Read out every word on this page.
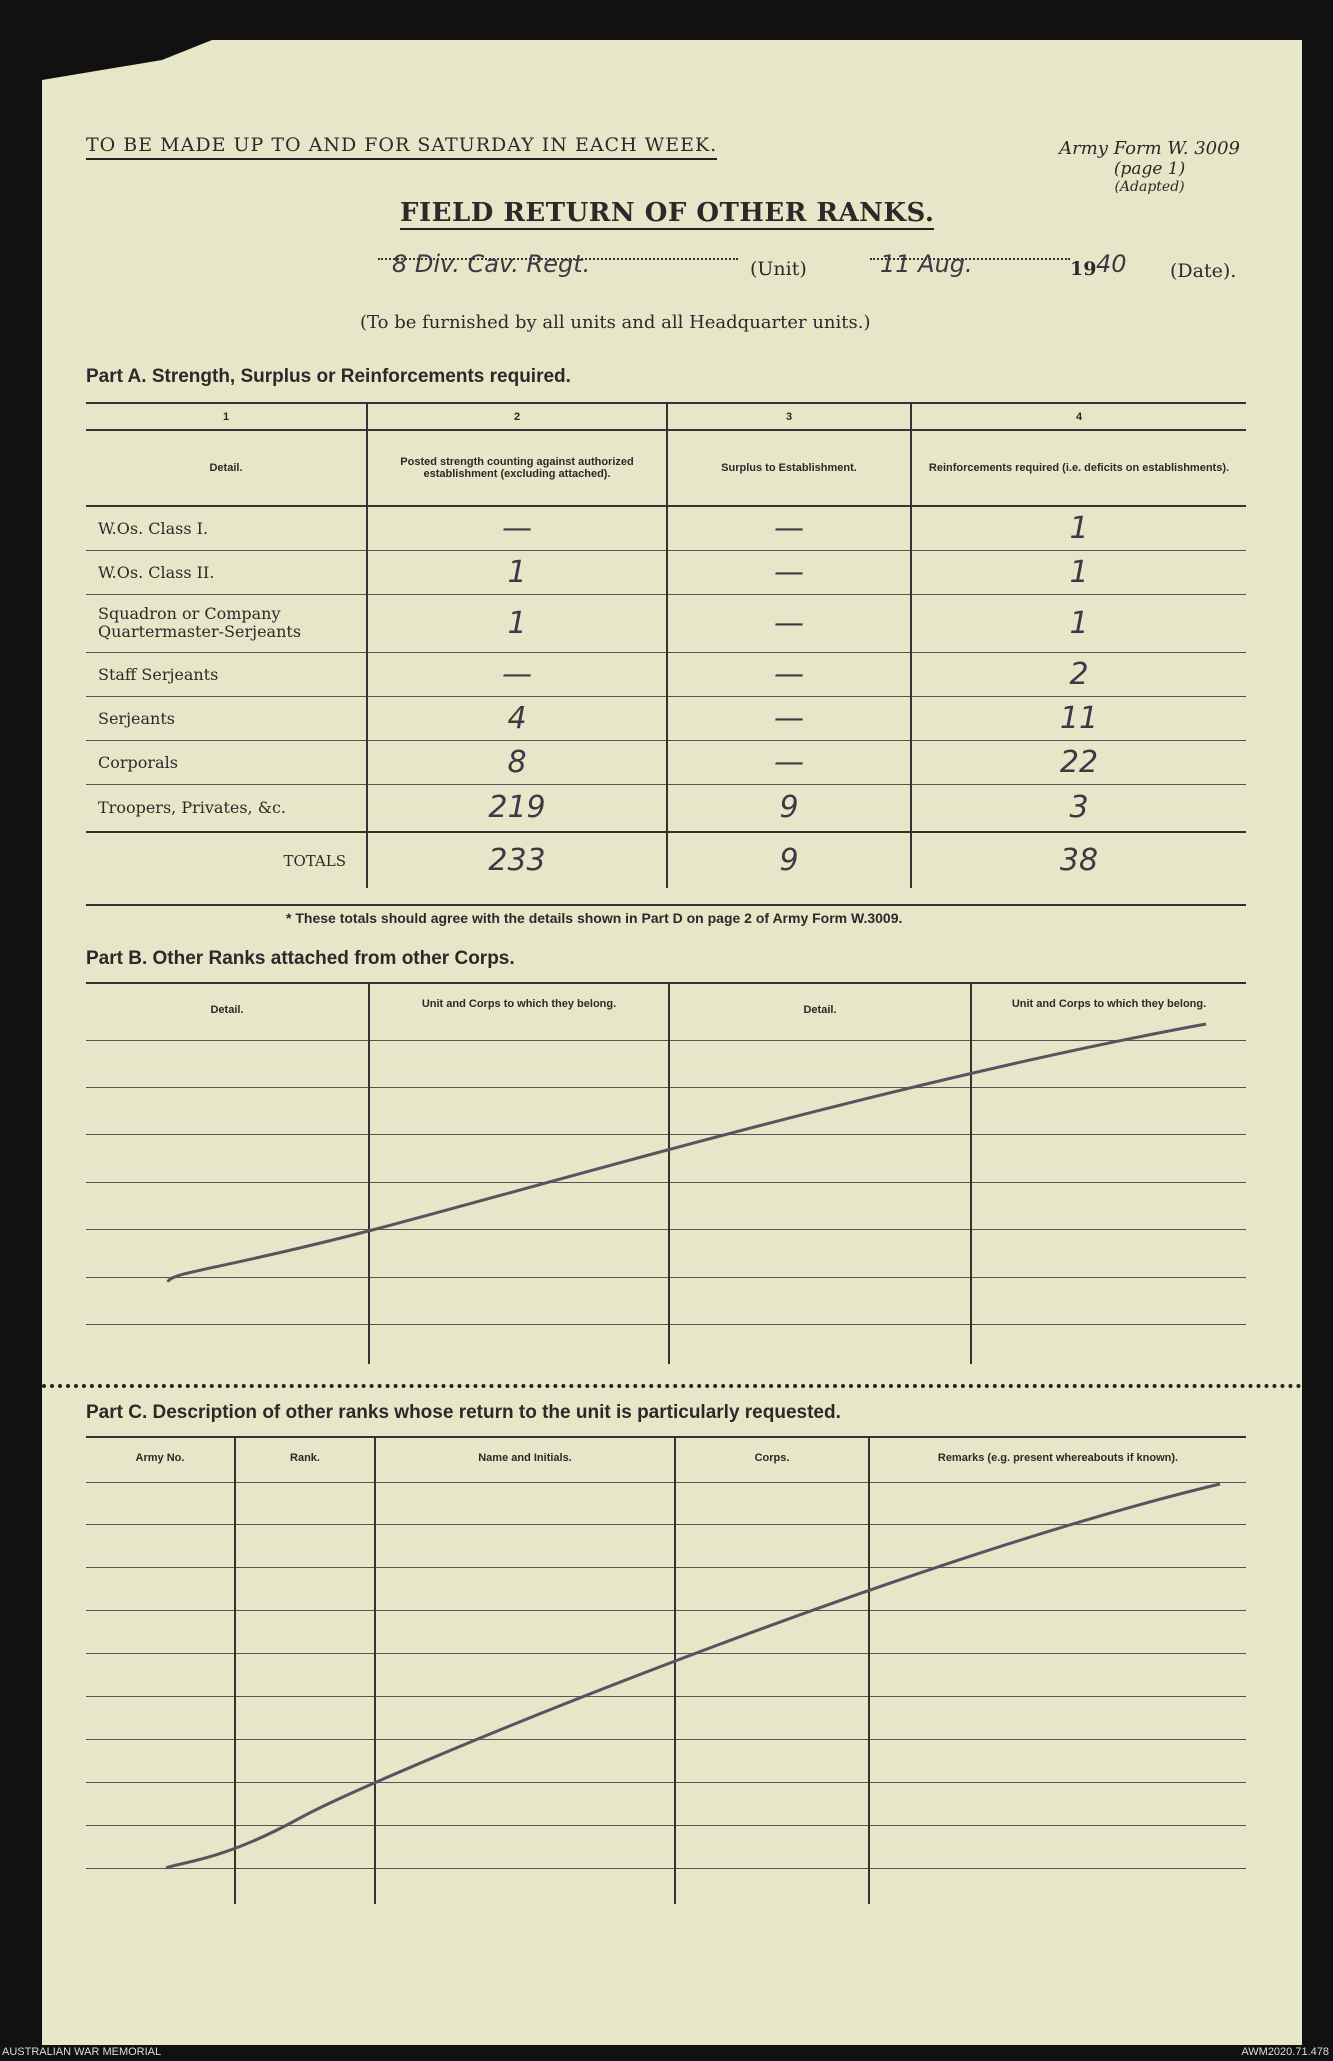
TO BE MADE UP TO AND FOR SATURDAY IN EACH WEEK.	Army Form W. 3009
(page 1)
(Adapted)
FIELD RETURN OF OTHER RANKS.
8 Div. Cav. Regt.	(Unit)	11 Aug.	19 40 (Date).
(To be furnished by all units and all Headquarter units.)
Part A. Strength, Surplus or Reinforcements required.
1	2	3	4
Detail.	Posted strength counting against authorized establishment (excluding attached).	Surplus to Establishment.	Reinforcements required (i.e. deficits on establishments).
W.Os. Class I.	—	—	1
W.Os. Class II.	1	—	1
Squadron or Company Quartermaster-Serjeants	1	—	1
Staff Serjeants	—	—	2
Serjeants	4	—	11
Corporals	8	—	22
Troopers, Privates, &c.	219	9	3
TOTALS	233	9	38
* These totals should agree with the details shown in Part D on page 2 of Army Form W.3009.
Part B. Other Ranks attached from other Corps.
Detail.	Unit and Corps to which they belong.	Detail.	Unit and Corps to which they belong.

Part C. Description of other ranks whose return to the unit is particularly requested.
Army No.	Rank.	Name and Initials.	Corps.	Remarks (e.g. present whereabouts if known).

AUSTRALIAN WAR MEMORIAL	AWM2020.71.478
